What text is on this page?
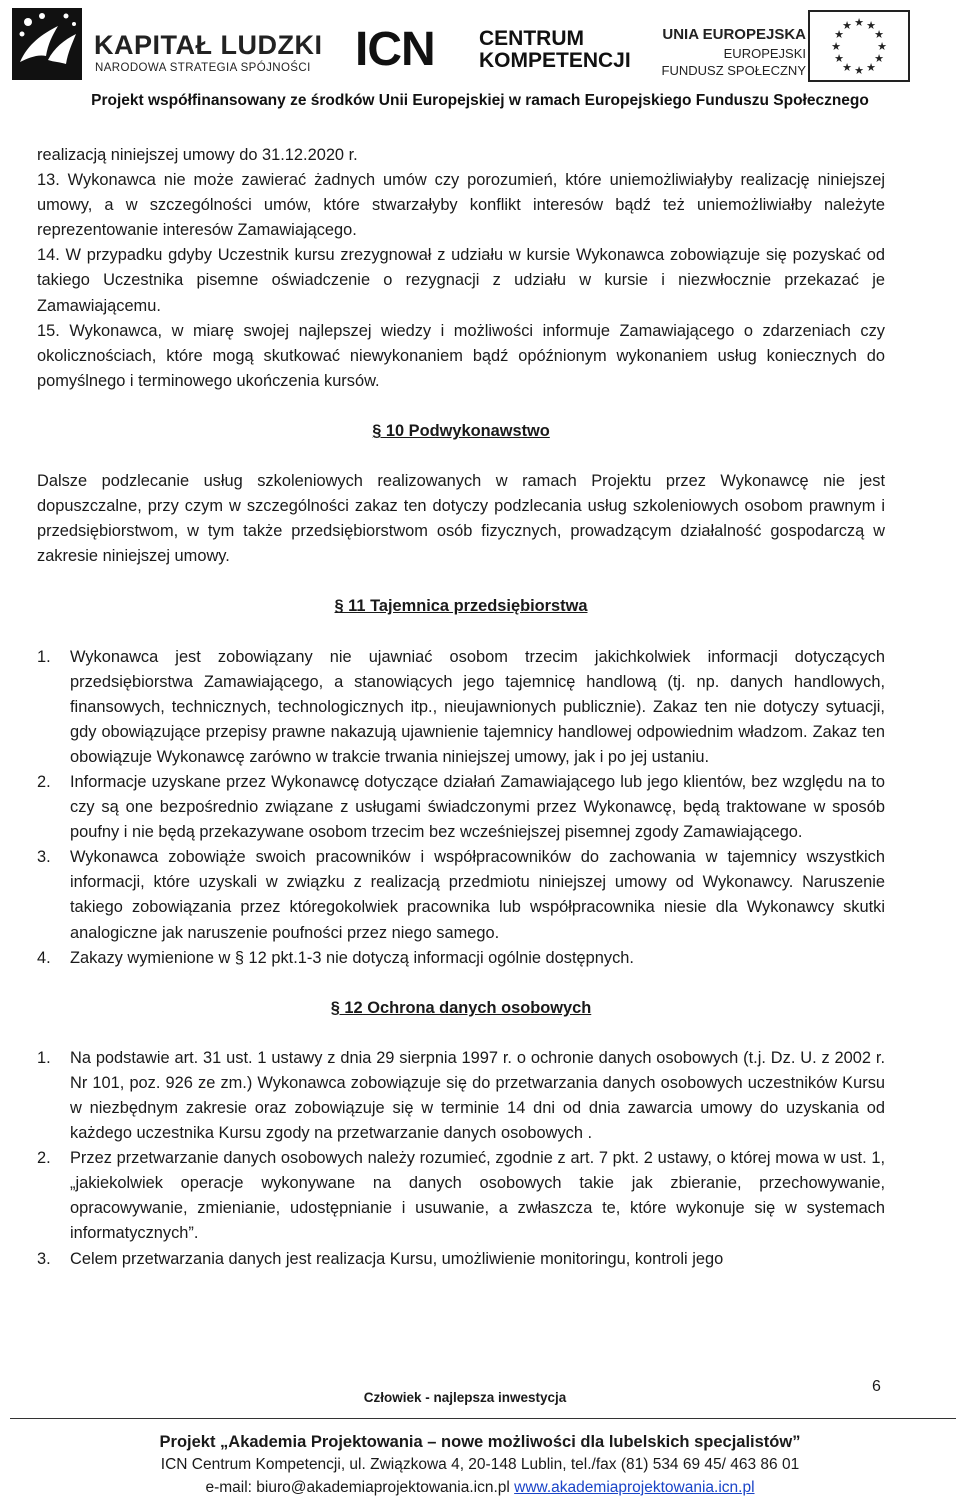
KAPITAŁ LUDZKI
NARODOWA STRATEGIA SPÓJNOŚCI ICN CENTRUM
KOMPETENCJI
UNIA EUROPEJSKA
EUROPEJSKI
FUNDUSZ SPOŁECZNY
★ ★
★
★
★
★
★
★
★
★
★
★
Projekt współfinansowany ze środków Unii Europejskiej w ramach Europejskiego Funduszu Społecznego

realizacją niniejszej umowy do 31.12.2020 r.

13. Wykonawca nie może zawierać żadnych umów czy porozumień, które uniemożliwiałyby realizację niniejszej umowy, a w szczególności umów, które stwarzałyby konflikt interesów bądź też uniemożliwiałby należyte reprezentowanie interesów Zamawiającego.

14. W przypadku gdyby Uczestnik kursu zrezygnował z udziału w kursie Wykonawca zobowiązuje się pozyskać od takiego Uczestnika pisemne oświadczenie o rezygnacji z udziału w kursie i niezwłocznie przekazać je Zamawiającemu.

15. Wykonawca, w miarę swojej najlepszej wiedzy i możliwości informuje Zamawiającego o zdarzeniach czy okolicznościach, które mogą skutkować niewykonaniem bądź opóźnionym wykonaniem usług koniecznych do pomyślnego i terminowego ukończenia kursów.

§ 10 Podwykonawstwo

Dalsze podzlecanie usług szkoleniowych realizowanych w ramach Projektu przez Wykonawcę nie jest dopuszczalne, przy czym w szczególności zakaz ten dotyczy podzlecania usług szkoleniowych osobom prawnym i przedsiębiorstwom, w tym także przedsiębiorstwom osób fizycznych, prowadzącym działalność gospodarczą w zakresie niniejszej umowy.

§ 11 Tajemnica przedsiębiorstwa

1.	Wykonawca jest zobowiązany nie ujawniać osobom trzecim jakichkolwiek informacji dotyczących przedsiębiorstwa Zamawiającego, a stanowiących jego tajemnicę handlową (tj. np. danych handlowych, finansowych, technicznych, technologicznych itp., nieujawnionych publicznie). Zakaz ten nie dotyczy sytuacji, gdy obowiązujące przepisy prawne nakazują ujawnienie tajemnicy handlowej odpowiednim władzom. Zakaz ten obowiązuje Wykonawcę zarówno w trakcie trwania niniejszej umowy, jak i po jej ustaniu.
2.	Informacje uzyskane przez Wykonawcę dotyczące działań Zamawiającego lub jego klientów, bez względu na to czy są one bezpośrednio związane z usługami świadczonymi przez Wykonawcę, będą traktowane w sposób poufny i nie będą przekazywane osobom trzecim bez wcześniejszej pisemnej zgody Zamawiającego.
3.	Wykonawca zobowiąże swoich pracowników i współpracowników do zachowania w tajemnicy wszystkich informacji, które uzyskali w związku z realizacją przedmiotu niniejszej umowy od Wykonawcy. Naruszenie takiego zobowiązania przez któregokolwiek pracownika lub współpracownika niesie dla Wykonawcy skutki analogiczne jak naruszenie poufności przez niego samego.
4.	Zakazy wymienione w § 12 pkt.1-3 nie dotyczą informacji ogólnie dostępnych.

§ 12 Ochrona danych osobowych

1.	Na podstawie art. 31 ust. 1 ustawy z dnia 29 sierpnia 1997 r. o ochronie danych osobowych (t.j. Dz. U. z 2002 r. Nr 101, poz. 926 ze zm.) Wykonawca zobowiązuje się do przetwarzania danych osobowych uczestników Kursu w niezbędnym zakresie oraz zobowiązuje się w terminie 14 dni od dnia zawarcia umowy do uzyskania od każdego uczestnika Kursu zgody na przetwarzanie danych osobowych .
2.	Przez przetwarzanie danych osobowych należy rozumieć, zgodnie z art. 7 pkt. 2 ustawy, o której mowa w ust. 1, „jakiekolwiek operacje wykonywane na danych osobowych takie jak zbieranie, przechowywanie, opracowywanie, zmienianie, udostępnianie i usuwanie, a zwłaszcza te, które wykonuje się w systemach informatycznych”.
3.	Celem przetwarzania danych jest realizacja Kursu, umożliwienie monitoringu, kontroli jego
6
Człowiek - najlepsza inwestycja
Projekt „Akademia Projektowania – nowe możliwości dla lubelskich specjalistów”
ICN Centrum Kompetencji, ul. Związkowa 4, 20-148 Lublin, tel./fax (81) 534 69 45/ 463 86 01
e-mail: biuro@akademiaprojektowania.icn.pl www.akademiaprojektowania.icn.pl
